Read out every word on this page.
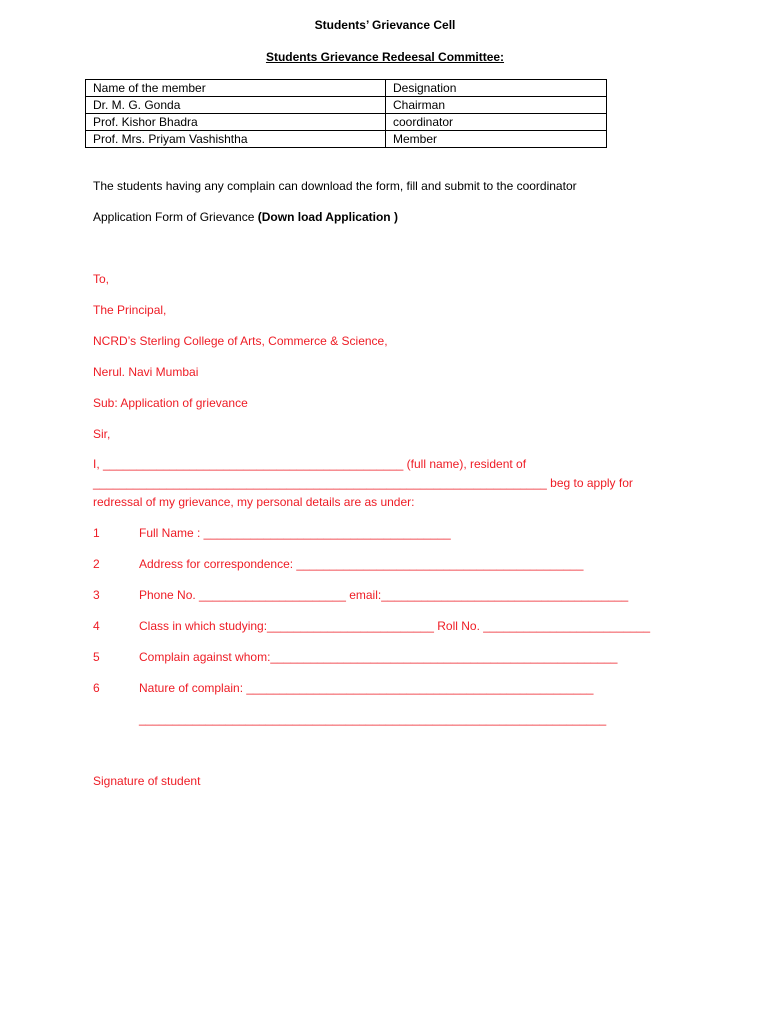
Students’ Grievance Cell
Students Grievance Redeesal Committee:
Name of the member	Designation
Dr. M. G. Gonda	Chairman
Prof. Kishor Bhadra	coordinator
Prof. Mrs. Priyam Vashishtha	Member
The students having any complain can download the form, fill and submit to the coordinator
Application Form of Grievance (Down load Application )
To,
The Principal,
NCRD’s Sterling College of Arts, Commerce & Science,
Nerul. Navi Mumbai
Sub: Application of grievance
Sir,
I, _____________________________________________ (full name), resident of
____________________________________________________________________ beg to apply for
redressal of my grievance, my personal details are as under:
1	Full Name : _____________________________________
2	Address for correspondence: ___________________________________________
3	Phone No. ______________________ email:_____________________________________
4	Class in which studying:_________________________ Roll No. _________________________
5	Complain against whom:____________________________________________________
6	Nature of complain: ____________________________________________________
______________________________________________________________________
Signature of student
